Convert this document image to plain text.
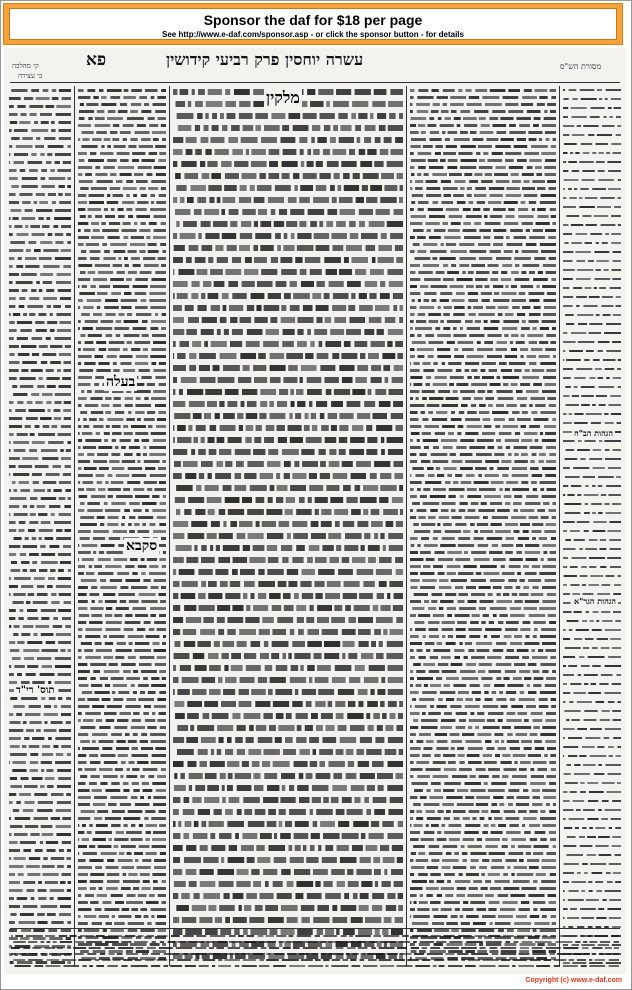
Sponsor the daf for $18 per page
See http://www.e-daf.com/sponsor.asp - or click the sponsor button - for details
קי מהלכה
כי עצירה
פא	עשרה יוחסין פרק רביעי קידושין	מסורת הש"ס
מלקין
בעלה
סקבא
תוס' רי"ד
הגהות הב"ח
הגהות הגר"א
Copyright (c) www.e-daf.com
